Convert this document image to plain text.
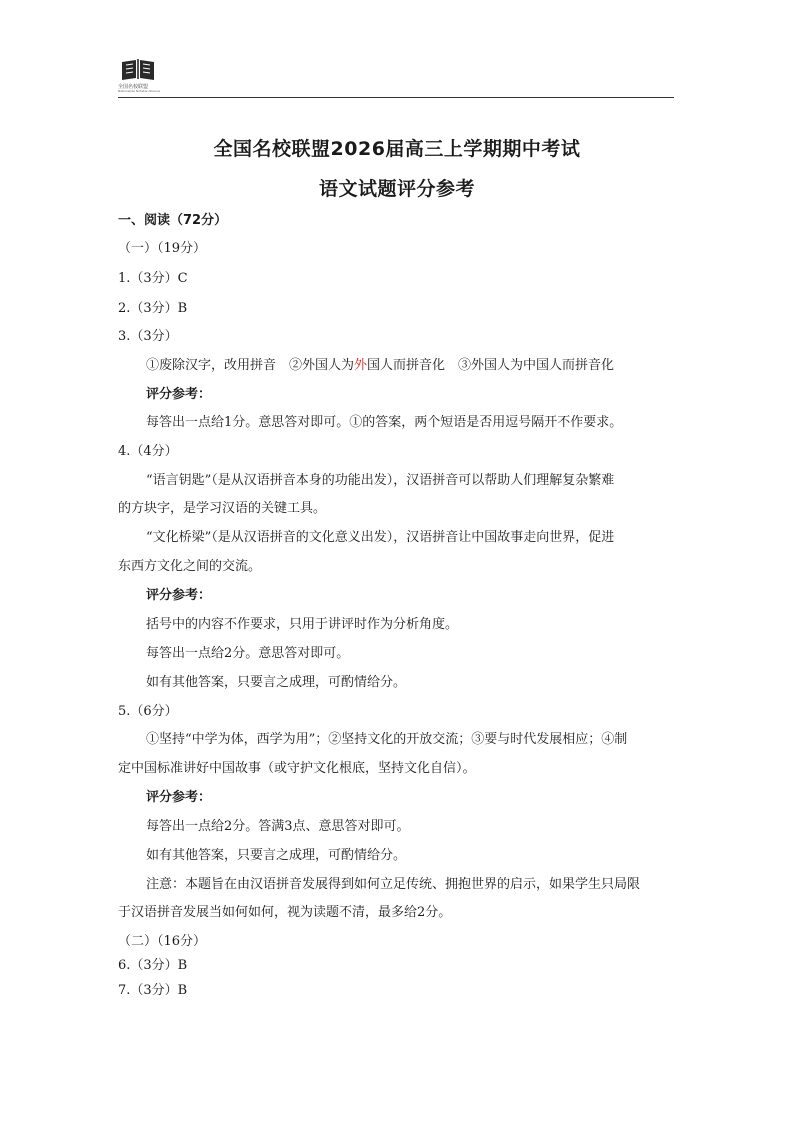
全国名校联盟
Nationwide Notable Alliance
全国名校联盟2026届高三上学期期中考试
语文试题评分参考
一、阅读（72分）
（一）（19分）
1.（3分）C
2.（3分）B
3.（3分）
①废除汉字，改用拼音　②外国人为外国人而拼音化　③外国人为中国人而拼音化
评分参考：
每答出一点给1分。意思答对即可。①的答案，两个短语是否用逗号隔开不作要求。
4.（4分）
“语言钥匙”（是从汉语拼音本身的功能出发），汉语拼音可以帮助人们理解复杂繁难
的方块字，是学习汉语的关键工具。
“文化桥梁”（是从汉语拼音的文化意义出发），汉语拼音让中国故事走向世界，促进
东西方文化之间的交流。
评分参考：
括号中的内容不作要求，只用于讲评时作为分析角度。
每答出一点给2分。意思答对即可。
如有其他答案，只要言之成理，可酌情给分。
5.（6分）
①坚持“中学为体，西学为用”；②坚持文化的开放交流；③要与时代发展相应；④制
定中国标准讲好中国故事（或守护文化根底，坚持文化自信）。
评分参考：
每答出一点给2分。答满3点、意思答对即可。
如有其他答案，只要言之成理，可酌情给分。
注意：本题旨在由汉语拼音发展得到如何立足传统、拥抱世界的启示，如果学生只局限
于汉语拼音发展当如何如何，视为读题不清，最多给2分。
（二）（16分）
6.（3分）B
7.（3分）B
